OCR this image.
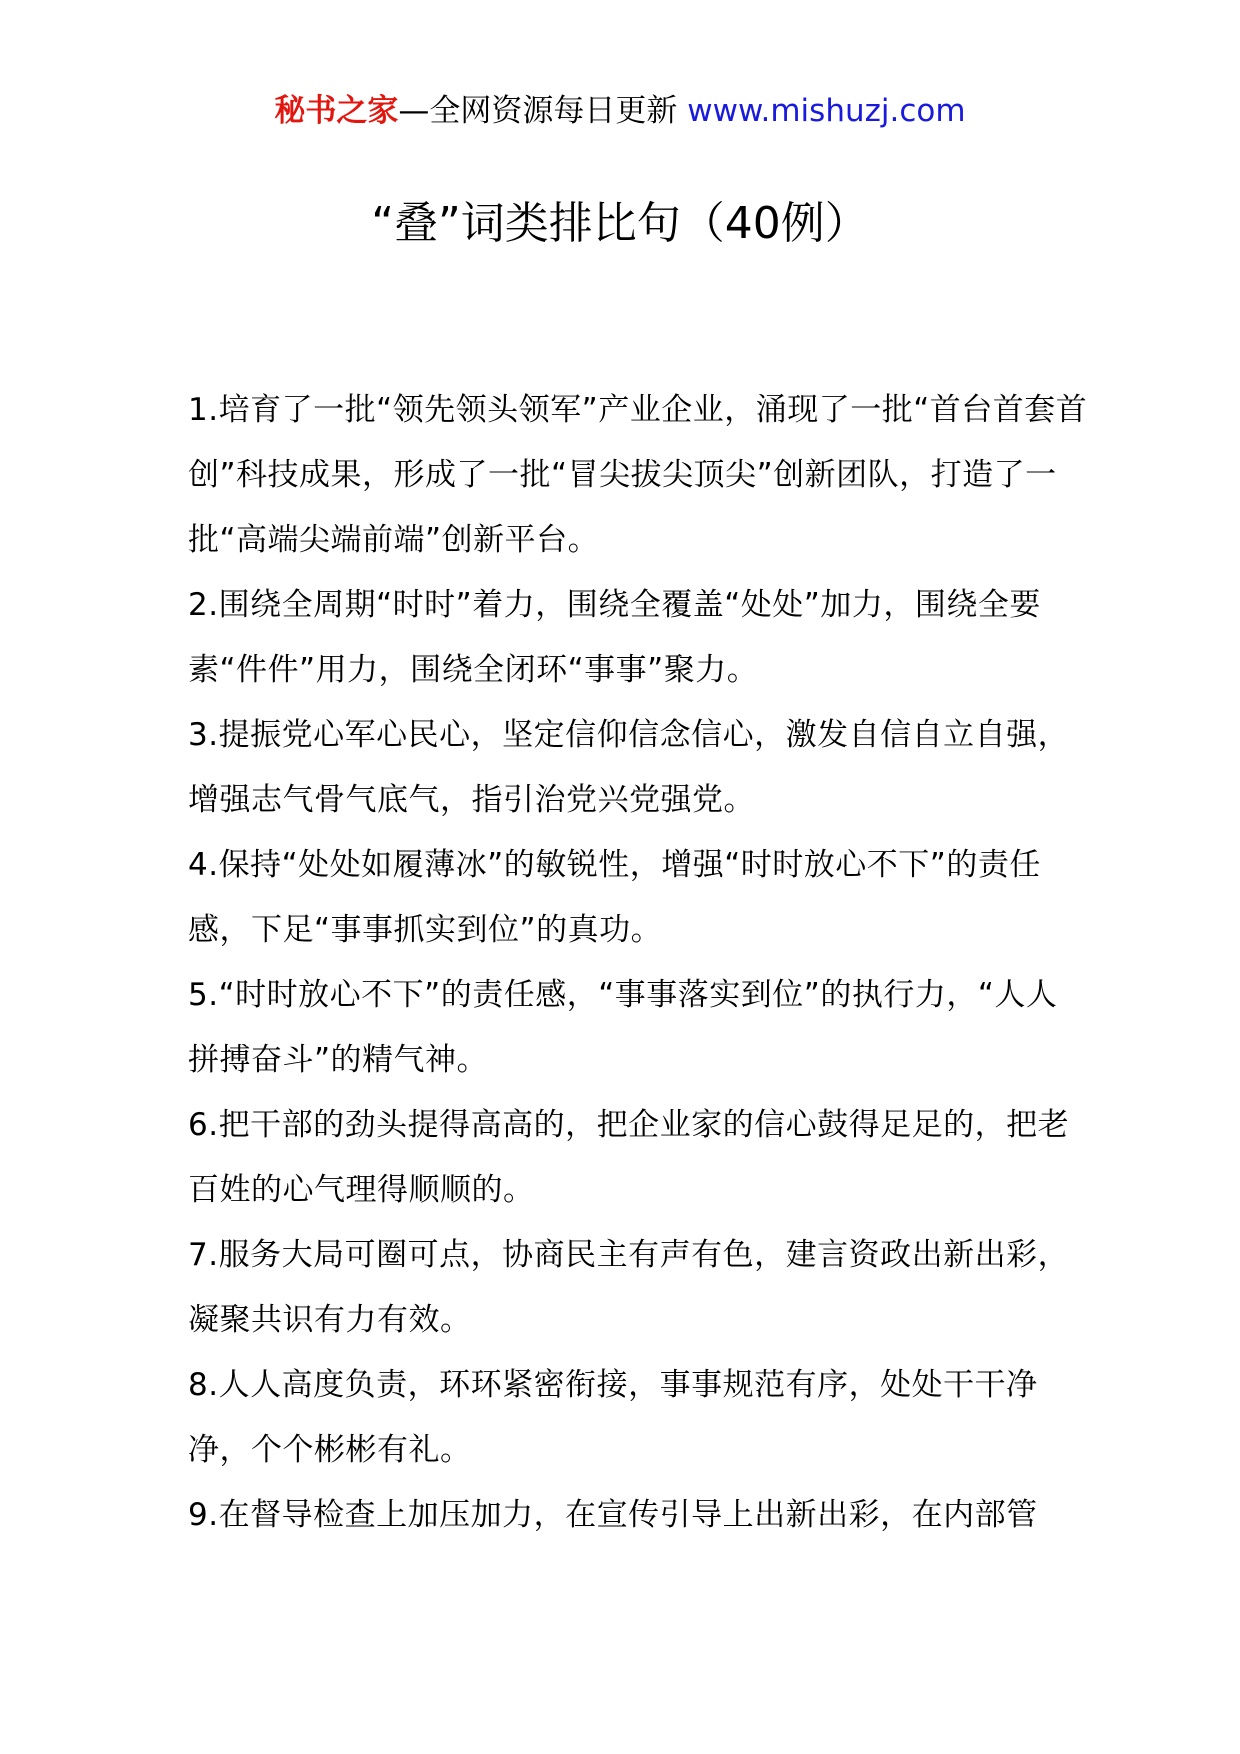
秘书之家—全网资源每日更新 www.mishuzj.com
“叠”词类排比句（40例）

1.培育了一批“领先领头领军”产业企业，涌现了一批“首台首套首创”科技成果，形成了一批“冒尖拔尖顶尖”创新团队，打造了一批“高端尖端前端”创新平台。

2.围绕全周期“时时”着力，围绕全覆盖“处处”加力，围绕全要素“件件”用力，围绕全闭环“事事”聚力。

3.提振党心军心民心，坚定信仰信念信心，激发自信自立自强，增强志气骨气底气，指引治党兴党强党。

4.保持“处处如履薄冰”的敏锐性，增强“时时放心不下”的责任感，下足“事事抓实到位”的真功。

5.“时时放心不下”的责任感，“事事落实到位”的执行力，“人人拼搏奋斗”的精气神。

6.把干部的劲头提得高高的，把企业家的信心鼓得足足的，把老百姓的心气理得顺顺的。

7.服务大局可圈可点，协商民主有声有色，建言资政出新出彩，凝聚共识有力有效。

8.人人高度负责，环环紧密衔接，事事规范有序，处处干干净净，个个彬彬有礼。

9.在督导检查上加压加力，在宣传引导上出新出彩，在内部管
